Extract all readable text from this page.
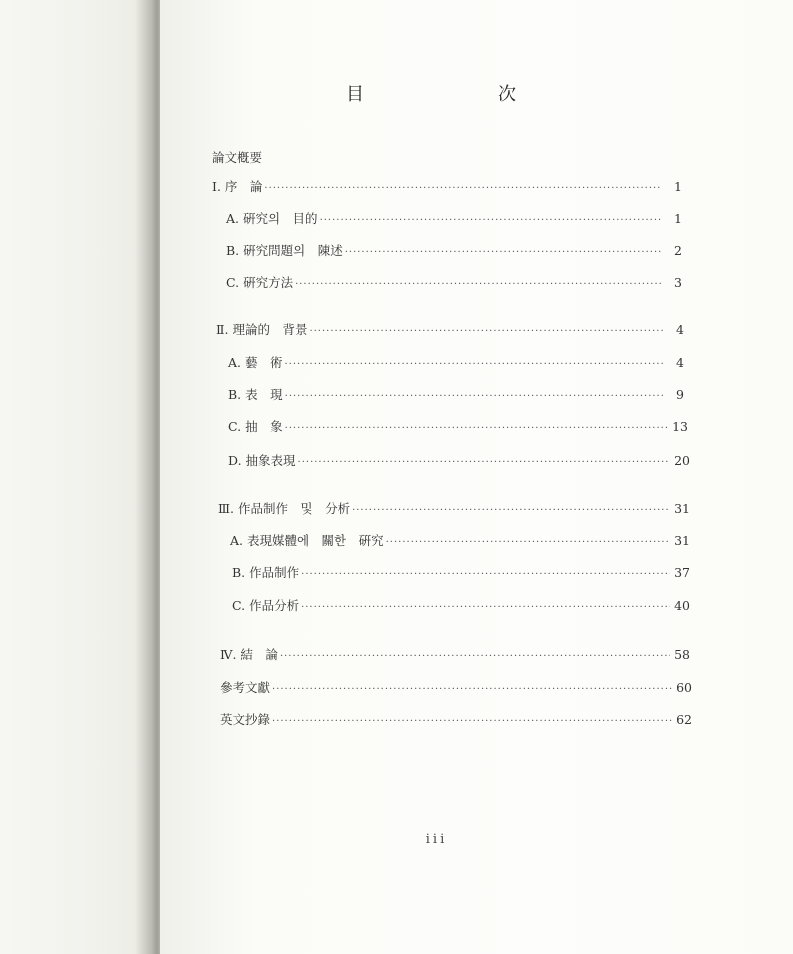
目	次
論文槪要
Ⅰ. 序　論 ·····	1
A. 硏究의　目的 ·····	1
B. 硏究問題의　陳述 ·····	2
C. 硏究方法 ·····	3
Ⅱ. 理論的　背景 ·····	4
A. 藝　術 ·····	4
B. 表　現 ·····	9
C. 抽　象 ·····	13
D. 抽象表現 ·····	20
Ⅲ. 作品制作　및　分析 ·····	31
A. 表現媒體에　關한　硏究 ·····	31
B. 作品制作 ·····	37
C. 作品分析 ·····	40
Ⅳ. 結　論 ·····	58
參考文獻 ·····	60
英文抄錄 ·····	62
iii
